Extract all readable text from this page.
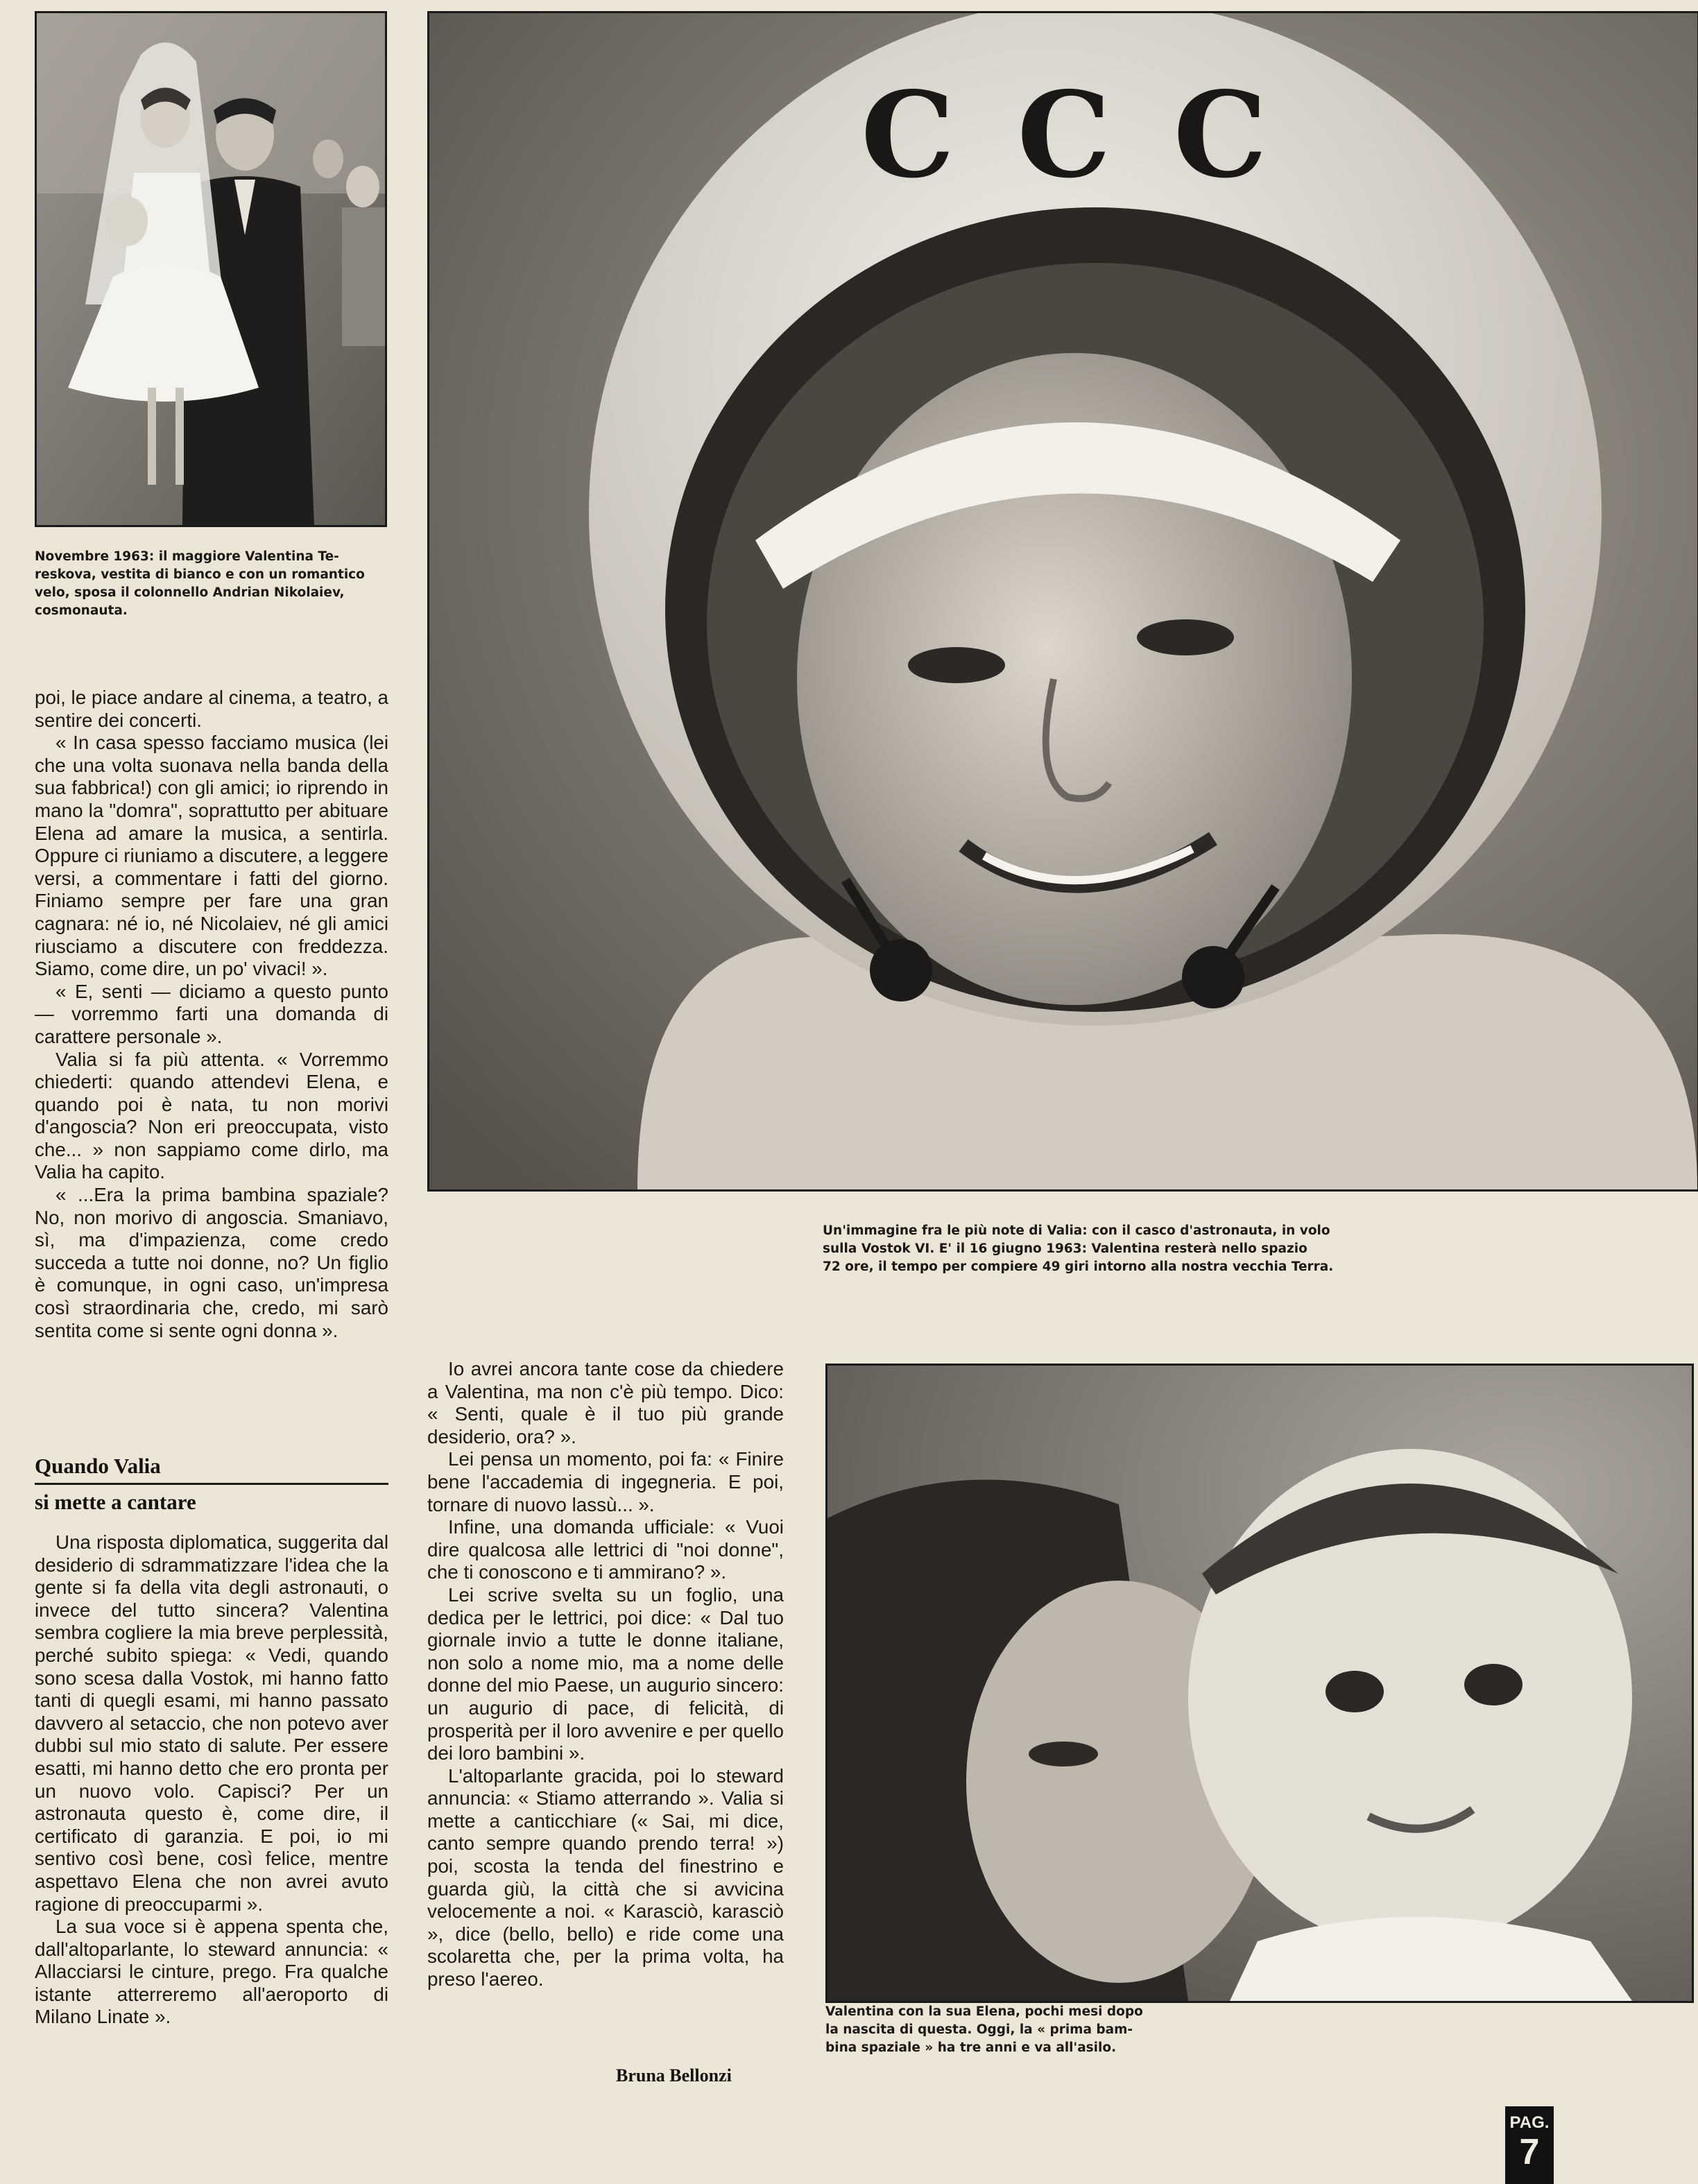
Novembre 1963: il maggiore Valentina Te-
reskova, vestita di bianco e con un romantico
velo, sposa il colonnello Andrian Nikolaiev,
cosmonauta.
CCC
Un'immagine fra le più note di Valia: con il casco d'astronauta, in volo
sulla Vostok VI. E' il 16 giugno 1963: Valentina resterà nello spazio
72 ore, il tempo per compiere 49 giri intorno alla nostra vecchia Terra.
Valentina con la sua Elena, pochi mesi dopo
la nascita di questa. Oggi, la « prima bam-
bina spaziale » ha tre anni e va all'asilo.

poi, le piace andare al cinema, a teatro, a sentire dei concerti.

« In casa spesso facciamo musica (lei che una volta suonava nella banda della sua fabbrica!) con gli amici; io riprendo in mano la "domra", soprattutto per abituare Elena ad amare la musica, a sentirla. Oppure ci riuniamo a discutere, a leggere versi, a commentare i fatti del giorno. Finiamo sempre per fare una gran cagnara: né io, né Nicolaiev, né gli amici riusciamo a discutere con freddezza. Siamo, come dire, un po' vivaci! ».

« E, senti — diciamo a questo punto — vorremmo farti una domanda di carattere personale ».

Valia si fa più attenta. « Vorremmo chiederti: quando attendevi Elena, e quando poi è nata, tu non morivi d'angoscia? Non eri preoccupata, visto che... » non sappiamo come dirlo, ma Valia ha capito.

« ...Era la prima bambina spaziale? No, non morivo di angoscia. Smaniavo, sì, ma d'impazienza, come credo succeda a tutte noi donne, no? Un figlio è comunque, in ogni caso, un'impresa così straordinaria che, credo, mi sarò sentita come si sente ogni donna ».

Quando Valia
si mette a cantare

Una risposta diplomatica, suggerita dal desiderio di sdrammatizzare l'idea che la gente si fa della vita degli astronauti, o invece del tutto sincera? Valentina sembra cogliere la mia breve perplessità, perché subito spiega: « Vedi, quando sono scesa dalla Vostok, mi hanno fatto tanti di quegli esami, mi hanno passato davvero al setaccio, che non potevo aver dubbi sul mio stato di salute. Per essere esatti, mi hanno detto che ero pronta per un nuovo volo. Capisci? Per un astronauta questo è, come dire, il certificato di garanzia. E poi, io mi sentivo così bene, così felice, mentre aspettavo Elena che non avrei avuto ragione di preoccuparmi ».

La sua voce si è appena spenta che, dall'altoparlante, lo steward annuncia: « Allacciarsi le cinture, prego. Fra qualche istante atterreremo all'aeroporto di Milano Linate ».

Io avrei ancora tante cose da chiedere a Valentina, ma non c'è più tempo. Dico: « Senti, quale è il tuo più grande desiderio, ora? ».

Lei pensa un momento, poi fa: « Finire bene l'accademia di ingegneria. E poi, tornare di nuovo lassù... ».

Infine, una domanda ufficiale: « Vuoi dire qualcosa alle lettrici di "noi donne", che ti conoscono e ti ammirano? ».

Lei scrive svelta su un foglio, una dedica per le lettrici, poi dice: « Dal tuo giornale invio a tutte le donne italiane, non solo a nome mio, ma a nome delle donne del mio Paese, un augurio sincero: un augurio di pace, di felicità, di prosperità per il loro avvenire e per quello dei loro bambini ».

L'altoparlante gracida, poi lo steward annuncia: « Stiamo atterrando ». Valia si mette a canticchiare (« Sai, mi dice, canto sempre quando prendo terra! ») poi, scosta la tenda del finestrino e guarda giù, la città che si avvicina velocemente a noi. « Karasciò, karasciò », dice (bello, bello) e ride come una scolaretta che, per la prima volta, ha preso l'aereo.

Bruna Bellonzi
PAG.
7
